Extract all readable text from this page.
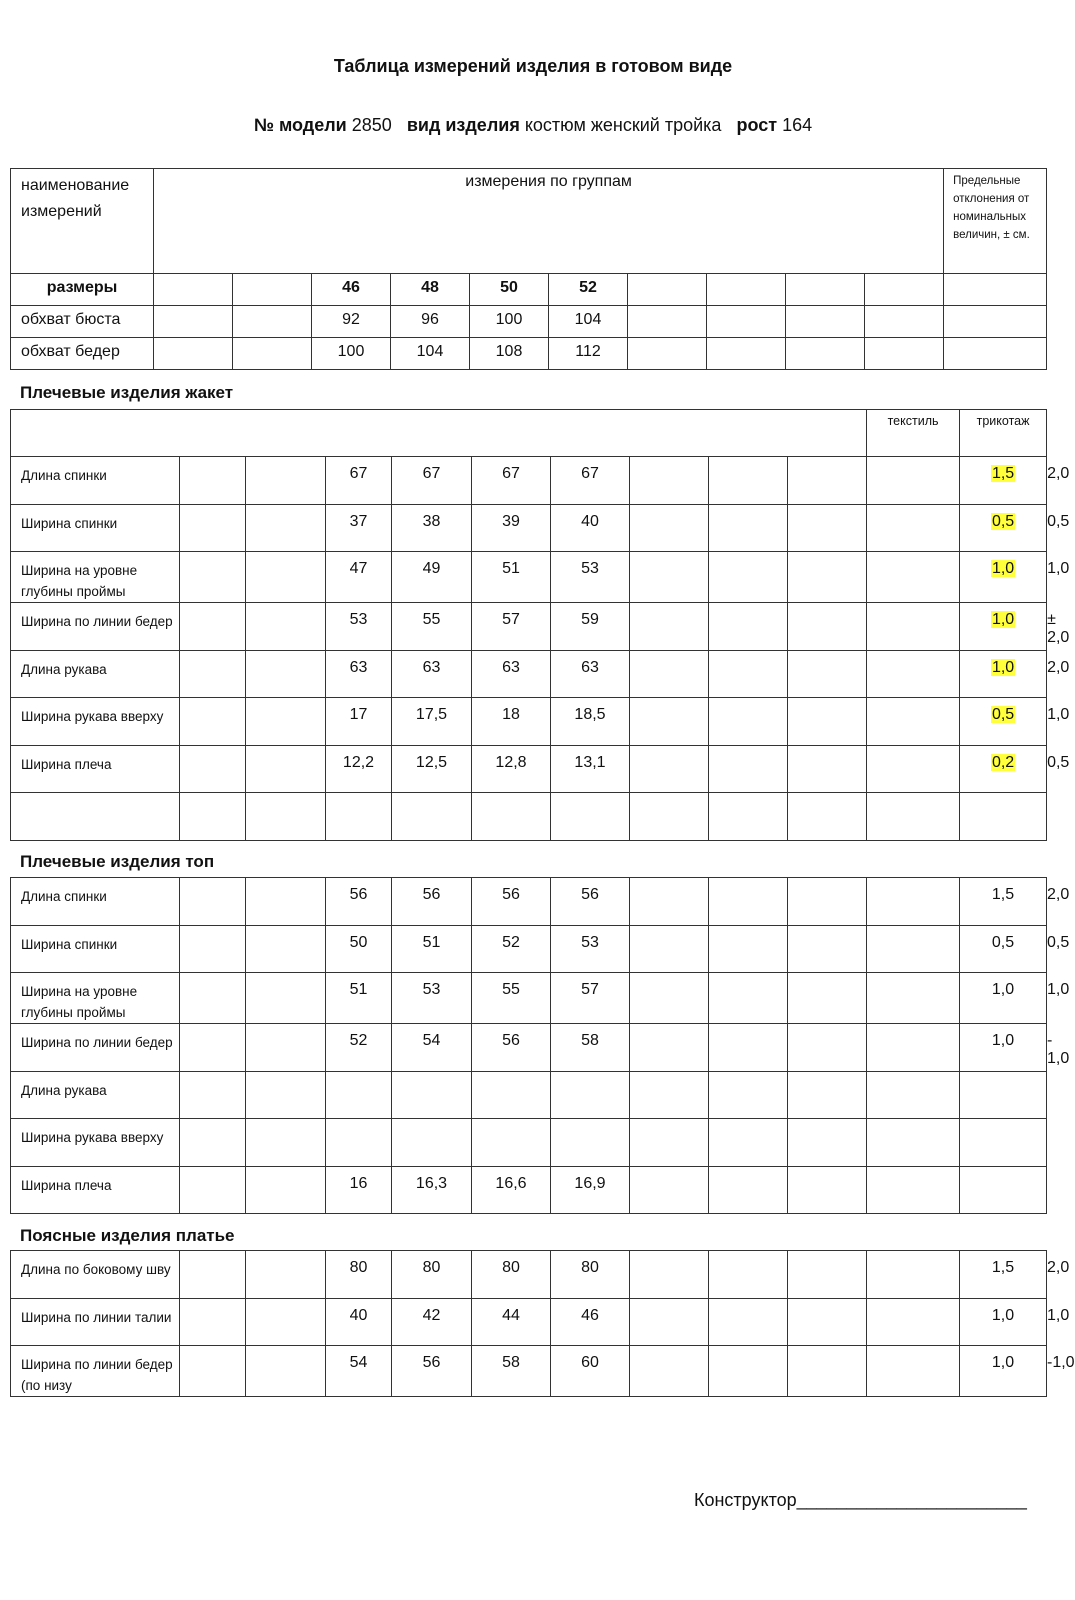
Таблица измерений изделия в готовом виде
№ модели 2850 вид изделия костюм женский тройка рост 164
наименование измерений	измерения по группам										Предельные отклонения от номинальных величин, ± см.
размеры			46	48	50	52					
обхват бюста			92	96	100	104					
обхват бедер			100	104	108	112					
Плечевые изделия жакет
										текстиль	трикотаж	
Длина спинки			67	67	67	67					1,5	2,0
Ширина спинки			37	38	39	40					0,5	0,5
Ширина на уровне глубины проймы			47	49	51	53					1,0	1,0
Ширина по линии бедер			53	55	57	59					1,0	± 2,0
Длина рукава			63	63	63	63					1,0	2,0
Ширина рукава вверху			17	17,5	18	18,5					0,5	1,0
Ширина плеча			12,2	12,5	12,8	13,1					0,2	0,5

Плечевые изделия топ
Длина спинки			56	56	56	56					1,5	2,0
Ширина спинки			50	51	52	53					0,5	0,5
Ширина на уровне глубины проймы			51	53	55	57					1,0	1,0
Ширина по линии бедер			52	54	56	58					1,0	- 1,0
Длина рукава												
Ширина рукава вверху												
Ширина плеча			16	16,3	16,6	16,9						
Поясные изделия платье
Длина по боковому шву			80	80	80	80					1,5	2,0
Ширина по линии талии			40	42	44	46					1,0	1,0
Ширина по линии бедер (по низу			54	56	58	60					1,0	-1,0
Конструктор_______________________
